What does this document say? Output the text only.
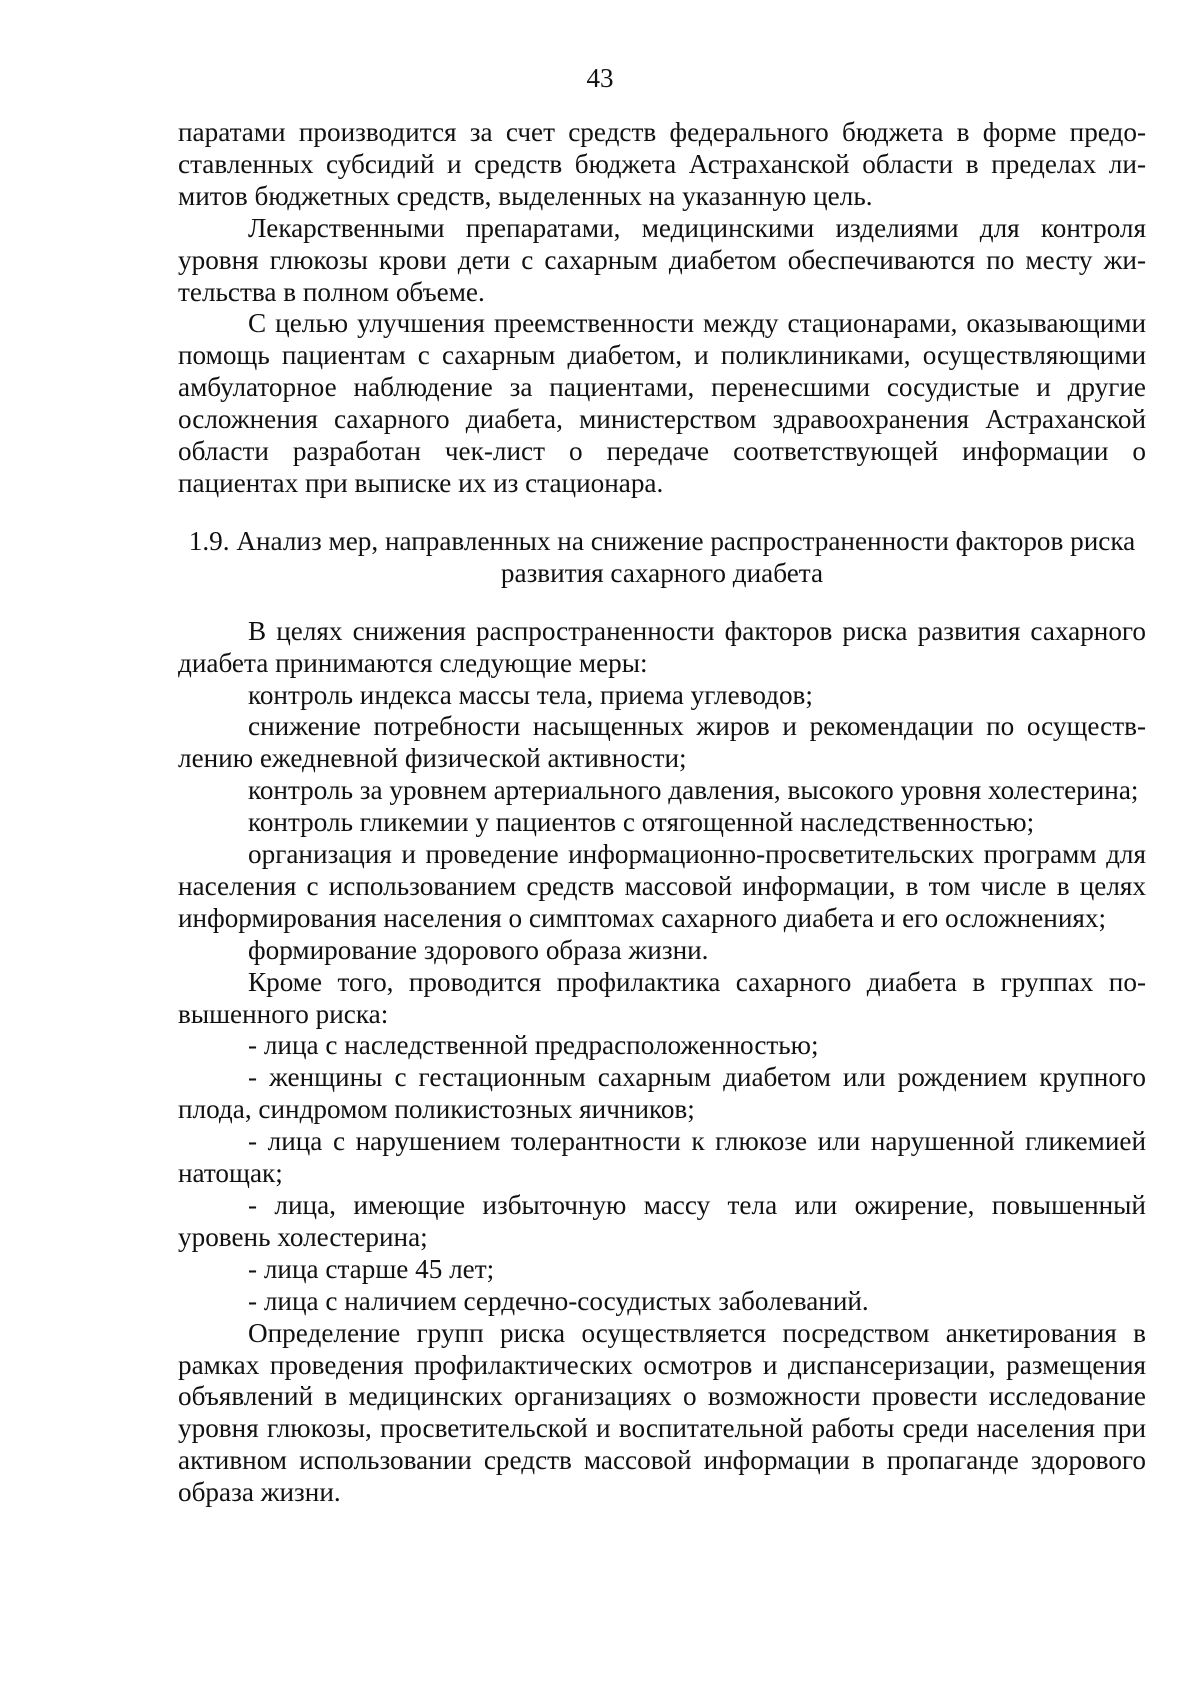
43

паратами производится за счет средств федерального бюджета в форме предоставленных субсидий и средств бюджета Астраханской области в пределах лимитов бюджетных средств, выделенных на указанную цель.

Лекарственными препаратами, медицинскими изделиями для контроля уровня глюкозы крови дети с сахарным диабетом обеспечиваются по месту жительства в полном объеме.

С целью улучшения преемственности между стационарами, оказывающими помощь пациентам с сахарным диабетом, и поликлиниками, осуществляющими амбулаторное наблюдение за пациентами, перенесшими сосудистые и другие осложнения сахарного диабета, министерством здравоохранения Астраханской области разработан чек-лист о передаче соответствующей информации о пациентах при выписке их из стационара.

1.9. Анализ мер, направленных на снижение распространенности факторов риска развития сахарного диабета

В целях снижения распространенности факторов риска развития сахарного диабета принимаются следующие меры:

контроль индекса массы тела, приема углеводов;

снижение потребности насыщенных жиров и рекомендации по осуществлению ежедневной физической активности;

контроль за уровнем артериального давления, высокого уровня холестерина;

контроль гликемии у пациентов с отягощенной наследственностью;

организация и проведение информационно-просветительских программ для населения с использованием средств массовой информации, в том числе в целях информирования населения о симптомах сахарного диабета и его осложнениях;

формирование здорового образа жизни.

Кроме того, проводится профилактика сахарного диабета в группах повышенного риска:

- лица с наследственной предрасположенностью;

- женщины с гестационным сахарным диабетом или рождением крупного плода, синдромом поликистозных яичников;

- лица с нарушением толерантности к глюкозе или нарушенной гликемией натощак;

- лица, имеющие избыточную массу тела или ожирение, повышенный уровень холестерина;

- лица старше 45 лет;

- лица с наличием сердечно-сосудистых заболеваний.

Определение групп риска осуществляется посредством анкетирования в рамках проведения профилактических осмотров и диспансеризации, размещения объявлений в медицинских организациях о возможности провести исследование уровня глюкозы, просветительской и воспитательной работы среди населения при активном использовании средств массовой информации в пропаганде здорового образа жизни.
